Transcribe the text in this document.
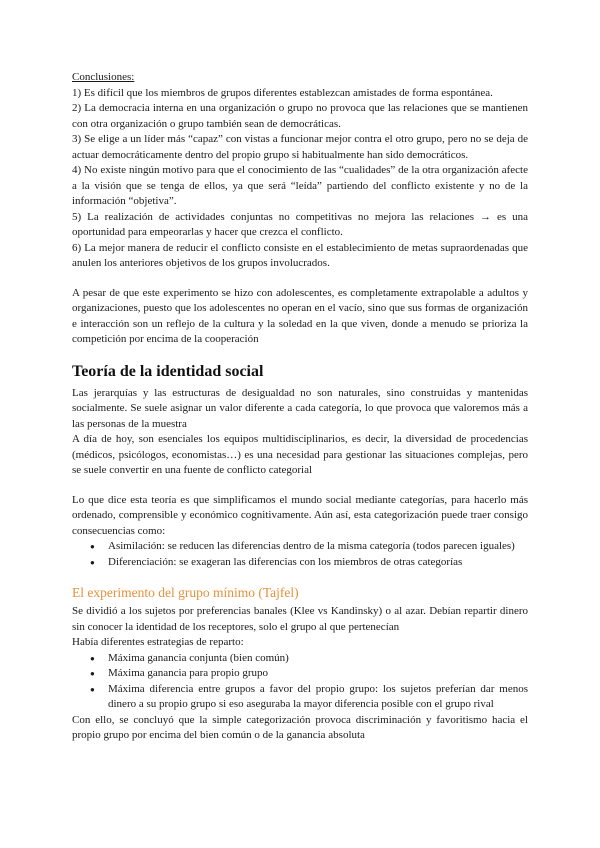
Conclusiones:

1) Es difícil que los miembros de grupos diferentes establezcan amistades de forma espontánea.

2) La democracia interna en una organización o grupo no provoca que las relaciones que se mantienen con otra organización o grupo también sean de democráticas.

3) Se elige a un líder más “capaz” con vistas a funcionar mejor contra el otro grupo, pero no se deja de actuar democráticamente dentro del propio grupo si habitualmente han sido democráticos.

4) No existe ningún motivo para que el conocimiento de las “cualidades” de la otra organización afecte a la visión que se tenga de ellos, ya que será “leída” partiendo del conflicto existente y no de la información “objetiva”.

5) La realización de actividades conjuntas no competitivas no mejora las relaciones → es una oportunidad para empeorarlas y hacer que crezca el conflicto.

6) La mejor manera de reducir el conflicto consiste en el establecimiento de metas supraordenadas que anulen los anteriores objetivos de los grupos involucrados.

A pesar de que este experimento se hizo con adolescentes, es completamente extrapolable a adultos y organizaciones, puesto que los adolescentes no operan en el vacío, sino que sus formas de organización e interacción son un reflejo de la cultura y la soledad en la que viven, donde a menudo se prioriza la competición por encima de la cooperación

Teoría de la identidad social

Las jerarquías y las estructuras de desigualdad no son naturales, sino construidas y mantenidas socialmente. Se suele asignar un valor diferente a cada categoría, lo que provoca que valoremos más a las personas de la muestra

A día de hoy, son esenciales los equipos multidisciplinarios, es decir, la diversidad de procedencias (médicos, psicólogos, economistas…) es una necesidad para gestionar las situaciones complejas, pero se suele convertir en una fuente de conflicto categorial

Lo que dice esta teoría es que simplificamos el mundo social mediante categorías, para hacerlo más ordenado, comprensible y económico cognitivamente. Aún así, esta categorización puede traer consigo consecuencias como:

● Asimilación: se reducen las diferencias dentro de la misma categoría (todos parecen iguales)
● Diferenciación: se exageran las diferencias con los miembros de otras categorías
El experimento del grupo mínimo (Tajfel)

Se dividió a los sujetos por preferencias banales (Klee vs Kandinsky) o al azar. Debían repartir dinero sin conocer la identidad de los receptores, solo el grupo al que pertenecían

Había diferentes estrategias de reparto:

● Máxima ganancia conjunta (bien común)
● Máxima ganancia para propio grupo
● Máxima diferencia entre grupos a favor del propio grupo: los sujetos preferían dar menos dinero a su propio grupo si eso aseguraba la mayor diferencia posible con el grupo rival

Con ello, se concluyó que la simple categorización provoca discriminación y favoritismo hacia el propio grupo por encima del bien común o de la ganancia absoluta
